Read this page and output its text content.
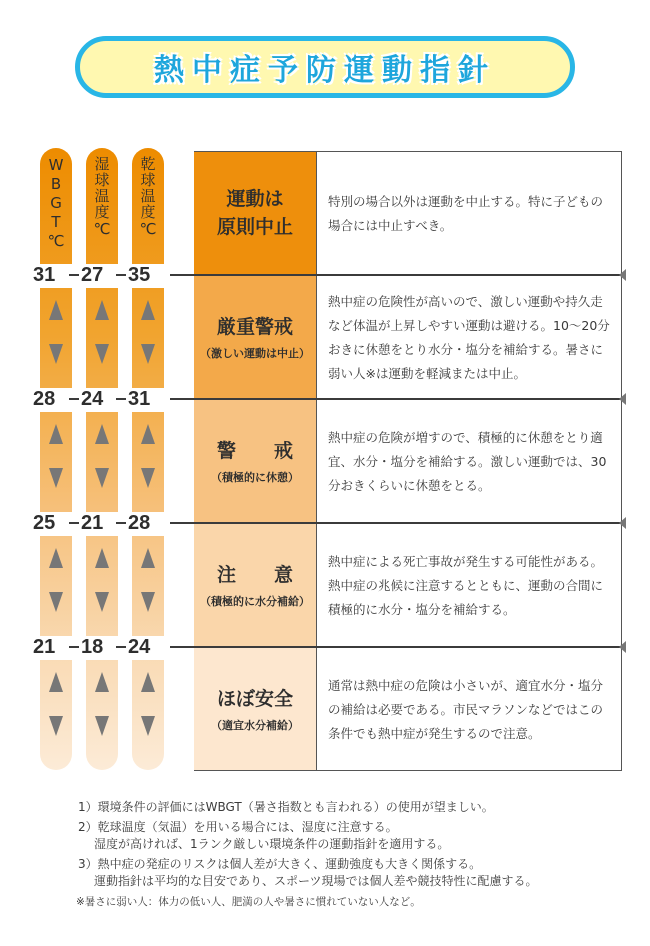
熱中症予防運動指針
WBGT
℃
湿球温度
℃
乾球温度
℃
運動は
原則中止
厳重警戒
（激しい運動は中止）
警　　戒
（積極的に休憩）
注　　意
（積極的に水分補給）
ほぼ安全
（適宜水分補給）
特別の場合以外は運動を中止する。特に子どもの場合には中止すべき。
熱中症の危険性が高いので、激しい運動や持久走など体温が上昇しやすい運動は避ける。10～20分おきに休憩をとり水分・塩分を補給する。暑さに弱い人※は運動を軽減または中止。
熱中症の危険が増すので、積極的に休憩をとり適宜、水分・塩分を補給する。激しい運動では、30分おきくらいに休憩をとる。
熱中症による死亡事故が発生する可能性がある。熱中症の兆候に注意するとともに、運動の合間に積極的に水分・塩分を補給する。
通常は熱中症の危険は小さいが、適宜水分・塩分の補給は必要である。市民マラソンなどではこの条件でも熱中症が発生するので注意。
31 27 35
28 24 31
25 21 28
21 18 24
1）環境条件の評価にはWBGT（暑さ指数とも言われる）の使用が望ましい。
2）乾球温度（気温）を用いる場合には、湿度に注意する。
湿度が高ければ、1ランク厳しい環境条件の運動指針を適用する。
3）熱中症の発症のリスクは個人差が大きく、運動強度も大きく関係する。
運動指針は平均的な目安であり、スポーツ現場では個人差や競技特性に配慮する。
※暑さに弱い人：体力の低い人、肥満の人や暑さに慣れていない人など。
